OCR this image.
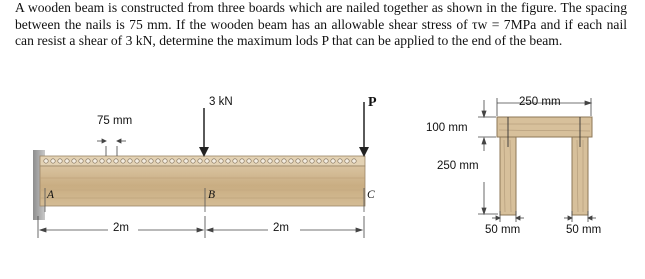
A wooden beam is constructed from three boards which are nailed together as shown in the figure. The spacing between the nails is 75 mm. If the wooden beam has an allowable shear stress of τw = 7MPa and if each nail can resist a shear of 3 kN, determine the maximum lods P that can be applied to the end of the beam.
3 kN	P
75 mm
A	B	C
2m	2m
250 mm
100 mm
250 mm
50 mm	50 mm
